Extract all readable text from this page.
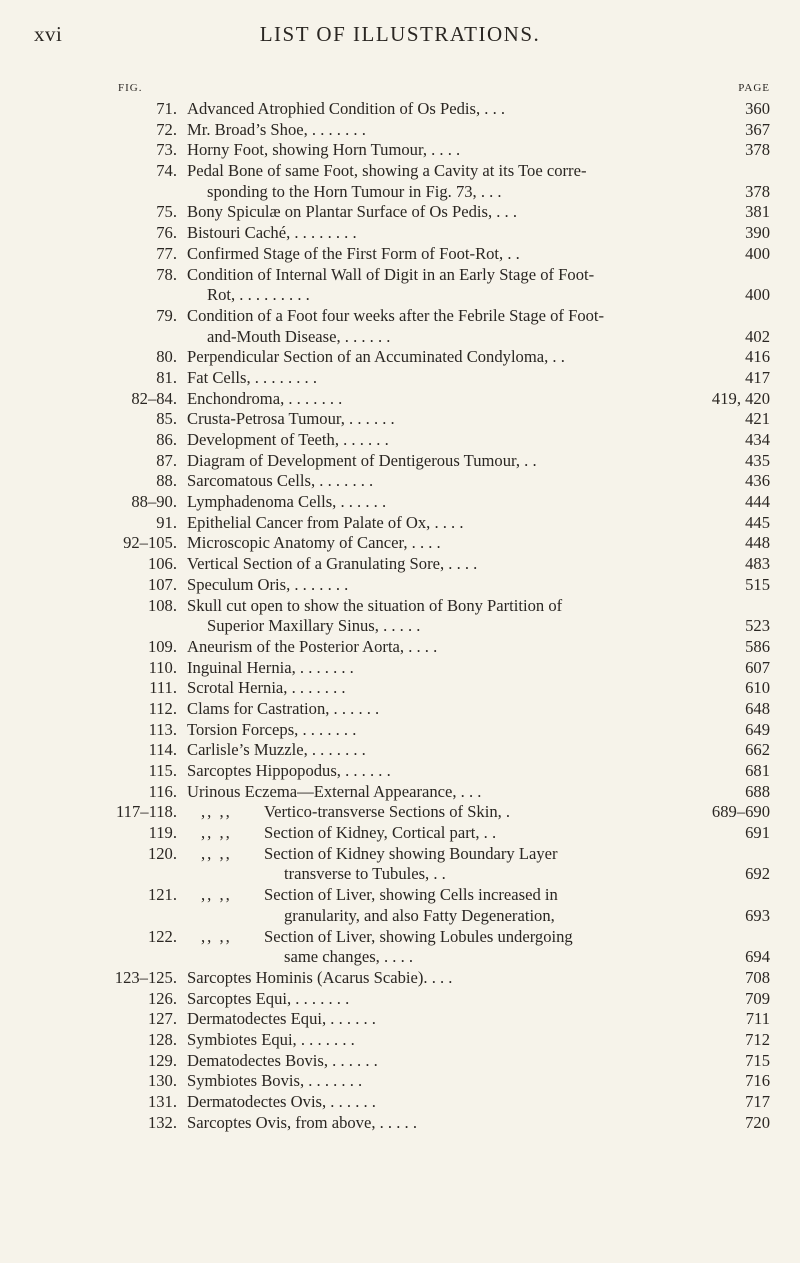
xvi	LIST OF ILLUSTRATIONS.
FIG.	PAGE
71. Advanced Atrophied Condition of Os Pedis, . . .	360
72. Mr. Broad’s Shoe, . . . . . . .	367
73. Horny Foot, showing Horn Tumour, . . . .	378
74. Pedal Bone of same Foot, showing a Cavity at its Toe corre-
sponding to the Horn Tumour in Fig. 73, . . .	378
75. Bony Spiculæ on Plantar Surface of Os Pedis, . . .	381
76. Bistouri Caché, . . . . . . . .	390
77. Confirmed Stage of the First Form of Foot-Rot, . .	400
78. Condition of Internal Wall of Digit in an Early Stage of Foot-
Rot, . . . . . . . . .	400
79. Condition of a Foot four weeks after the Febrile Stage of Foot-
and-Mouth Disease, . . . . . .	402
80. Perpendicular Section of an Accuminated Condyloma, . .	416
81. Fat Cells, . . . . . . . .	417
82–84. Enchondroma, . . . . . . .	419, 420
85. Crusta-Petrosa Tumour, . . . . . .	421
86. Development of Teeth, . . . . . .	434
87. Diagram of Development of Dentigerous Tumour, . .	435
88. Sarcomatous Cells, . . . . . . .	436
88–90. Lymphadenoma Cells, . . . . . .	444
91. Epithelial Cancer from Palate of Ox, . . . .	445
92–105. Microscopic Anatomy of Cancer, . . . .	448
106. Vertical Section of a Granulating Sore, . . . .	483
107. Speculum Oris, . . . . . . .	515
108. Skull cut open to show the situation of Bony Partition of
Superior Maxillary Sinus, . . . . .	523
109. Aneurism of the Posterior Aorta, . . . .	586
110. Inguinal Hernia, . . . . . . .	607
111. Scrotal Hernia, . . . . . . .	610
112. Clams for Castration, . . . . . .	648
113. Torsion Forceps, . . . . . . .	649
114. Carlisle’s Muzzle, . . . . . . .	662
115. Sarcoptes Hippopodus, . . . . . .	681
116. Urinous Eczema—External Appearance, . . .	688
117–118. ,, ,,	Vertico-transverse Sections of Skin, .	689–690
119. ,, ,,	Section of Kidney, Cortical part, . .	691
120. ,, ,,	Section of Kidney showing Boundary Layer
transverse to Tubules, . .	692
121. ,, ,,	Section of Liver, showing Cells increased in
granularity, and also Fatty Degeneration,	693
122. ,, ,,	Section of Liver, showing Lobules undergoing
same changes, . . . .	694
123–125. Sarcoptes Hominis (Acarus Scabie). . . .	708
126. Sarcoptes Equi, . . . . . . .	709
127. Dermatodectes Equi, . . . . . .	711
128. Symbiotes Equi, . . . . . . .	712
129. Dematodectes Bovis, . . . . . .	715
130. Symbiotes Bovis, . . . . . . .	716
131. Dermatodectes Ovis, . . . . . .	717
132. Sarcoptes Ovis, from above, . . . . .	720
